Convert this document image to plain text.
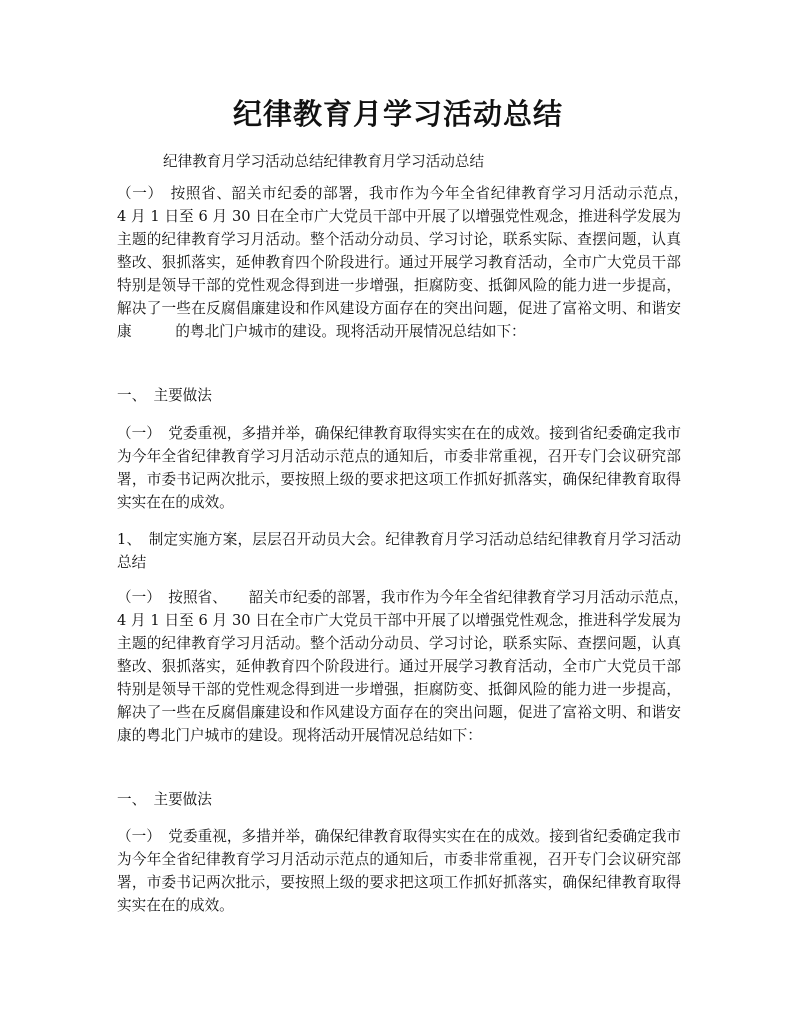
纪律教育月学习活动总结
纪律教育月学习活动总结纪律教育月学习活动总结

（一）　按照省、韶关市纪委的部署，我市作为今年全省纪律教育学习月活动示范点，　 4 月 1 日至 6 月 30 日在全市广大党员干部中开展了以增强党性观念，推进科学发展为主题的纪律教育学习月活动。整个活动分动员、学习讨论，联系实际、查摆问题，认真整改、狠抓落实，延伸教育四个阶段进行。通过开展学习教育活动，全市广大党员干部特别是领导干部的党性观念得到进一步增强，拒腐防变、抵御风险的能力进一步提高，解决了一些在反腐倡廉建设和作风建设方面存在的突出问题，促进了富裕文明、和谐安康　　　的粤北门户城市的建设。现将活动开展情况总结如下：

一、　主要做法

（一）　党委重视，多措并举，确保纪律教育取得实实在在的成效。接到省纪委确定我市为今年全省纪律教育学习月活动示范点的通知后，市委非常重视，召开专门会议研究部署，市委书记两次批示，要按照上级的要求把这项工作抓好抓落实，确保纪律教育取得实实在在的成效。

1、　制定实施方案，层层召开动员大会。纪律教育月学习活动总结纪律教育月学习活动总结

（一）　按照省、　　韶关市纪委的部署，我市作为今年全省纪律教育学习月活动示范点，　　　4 月 1 日至 6 月 30 日在全市广大党员干部中开展了以增强党性观念，推进科学发展为主题的纪律教育学习月活动。整个活动分动员、学习讨论，联系实际、查摆问题，认真整改、狠抓落实，延伸教育四个阶段进行。通过开展学习教育活动，全市广大党员干部特别是领导干部的党性观念得到进一步增强，拒腐防变、抵御风险的能力进一步提高，解决了一些在反腐倡廉建设和作风建设方面存在的突出问题，促进了富裕文明、和谐安康的粤北门户城市的建设。现将活动开展情况总结如下：

一、　主要做法

（一）　党委重视，多措并举，确保纪律教育取得实实在在的成效。接到省纪委确定我市为今年全省纪律教育学习月活动示范点的通知后，市委非常重视，召开专门会议研究部署，市委书记两次批示，要按照上级的要求把这项工作抓好抓落实，确保纪律教育取得实实在在的成效。
